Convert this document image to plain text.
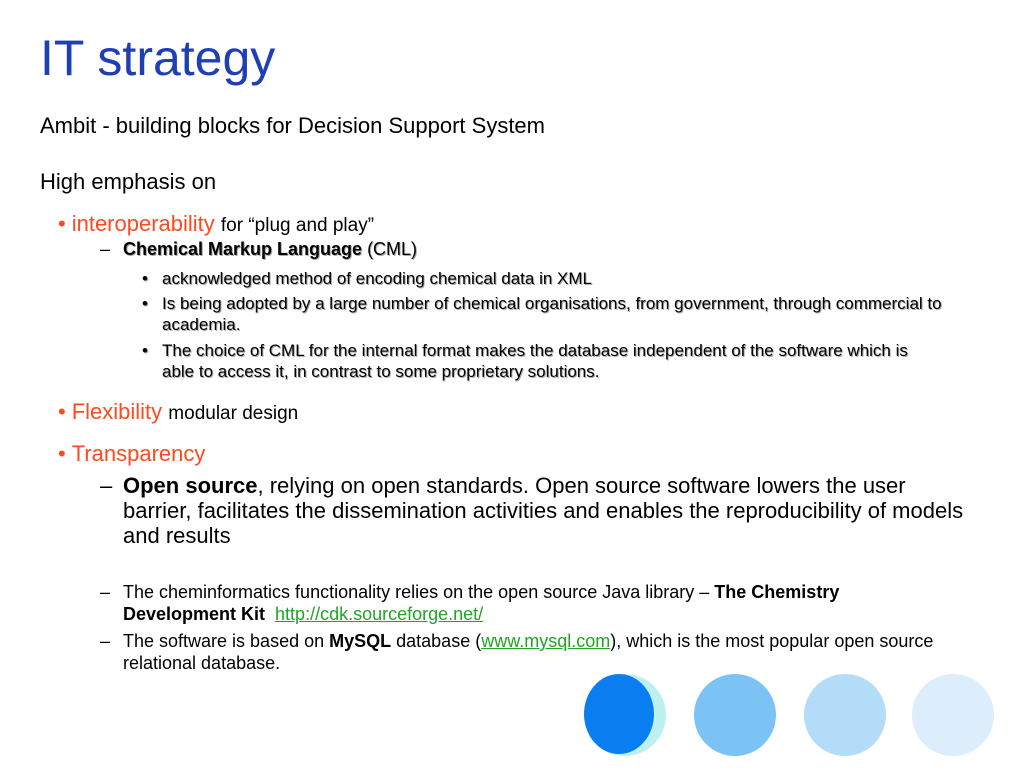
IT strategy
Ambit - building blocks for Decision Support System
High emphasis on
• interoperability for “plug and play”
– Chemical Markup Language (CML)
• acknowledged method of encoding chemical data in XML
• Is being adopted by a large number of chemical organisations, from government, through commercial to academia.
• The choice of CML for the internal format makes the database independent of the software which is able to access it, in contrast to some proprietary solutions.
• Flexibility modular design
• Transparency
– Open source, relying on open standards. Open source software lowers the user barrier, facilitates the dissemination activities and enables the reproducibility of models and results
– The cheminformatics functionality relies on the open source Java library – The Chemistry Development Kit http://cdk.sourceforge.net/
– The software is based on MySQL database (www.mysql.com), which is the most popular open source relational database.
